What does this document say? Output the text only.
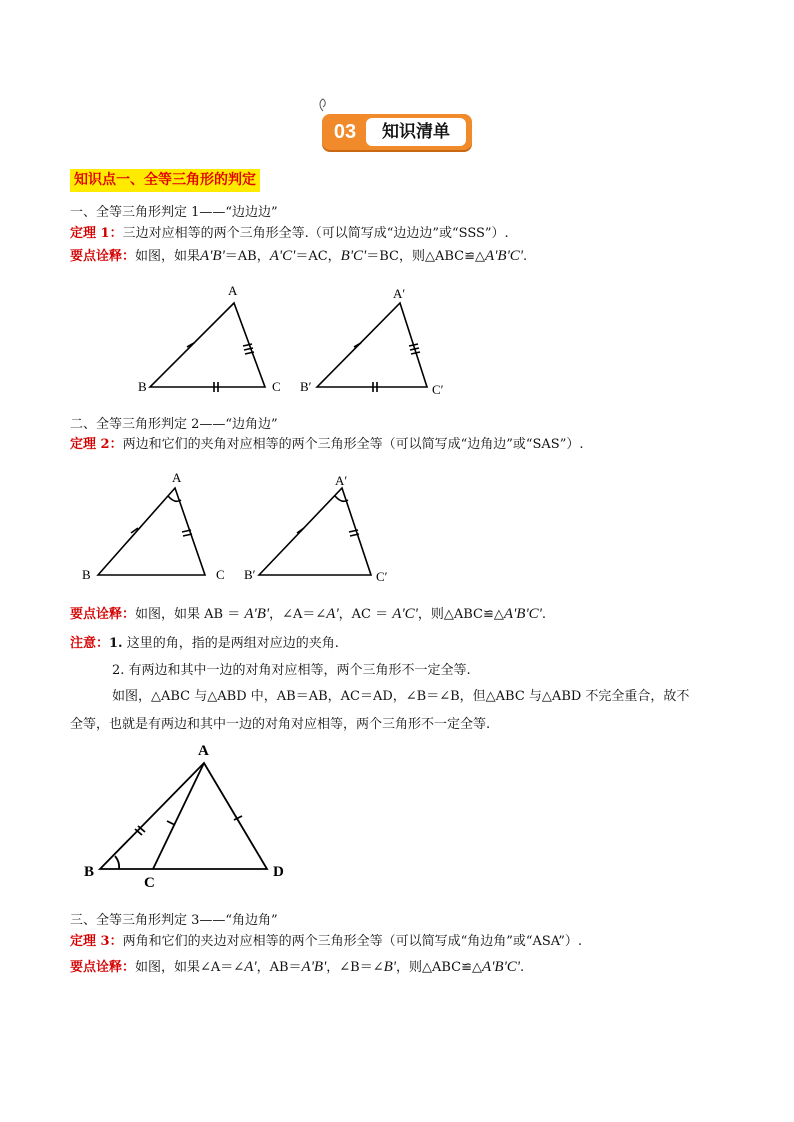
03	知识清单
知识点一、全等三角形的判定
一、全等三角形判定 1——“边边边”
定理 1：三边对应相等的两个三角形全等.（可以简写成“边边边”或“SSS”）.
要点诠释：如图，如果A'B'＝AB，A'C'＝AC，B'C'＝BC，则△ABC≌△A'B'C'.
A
B	C
A′
B′	C′
二、全等三角形判定 2——“边角边”
定理 2：两边和它们的夹角对应相等的两个三角形全等（可以简写成“边角边”或“SAS”）.
A
B	C
A′
B′	C′
要点诠释：如图，如果 AB ＝ A'B'，∠A＝∠A'，AC ＝ A'C'，则△ABC≌△A'B'C'.
注意：1. 这里的角，指的是两组对应边的夹角.
2. 有两边和其中一边的对角对应相等，两个三角形不一定全等.
如图，△ABC 与△ABD 中，AB＝AB，AC＝AD，∠B＝∠B，但△ABC 与△ABD 不完全重合，故不
全等，也就是有两边和其中一边的对角对应相等，两个三角形不一定全等.
A
B
C
D
三、全等三角形判定 3——“角边角”
定理 3：两角和它们的夹边对应相等的两个三角形全等（可以简写成“角边角”或“ASA”）.
要点诠释：如图，如果∠A＝∠A'，AB＝A'B'，∠B＝∠B'，则△ABC≌△A'B'C'.
